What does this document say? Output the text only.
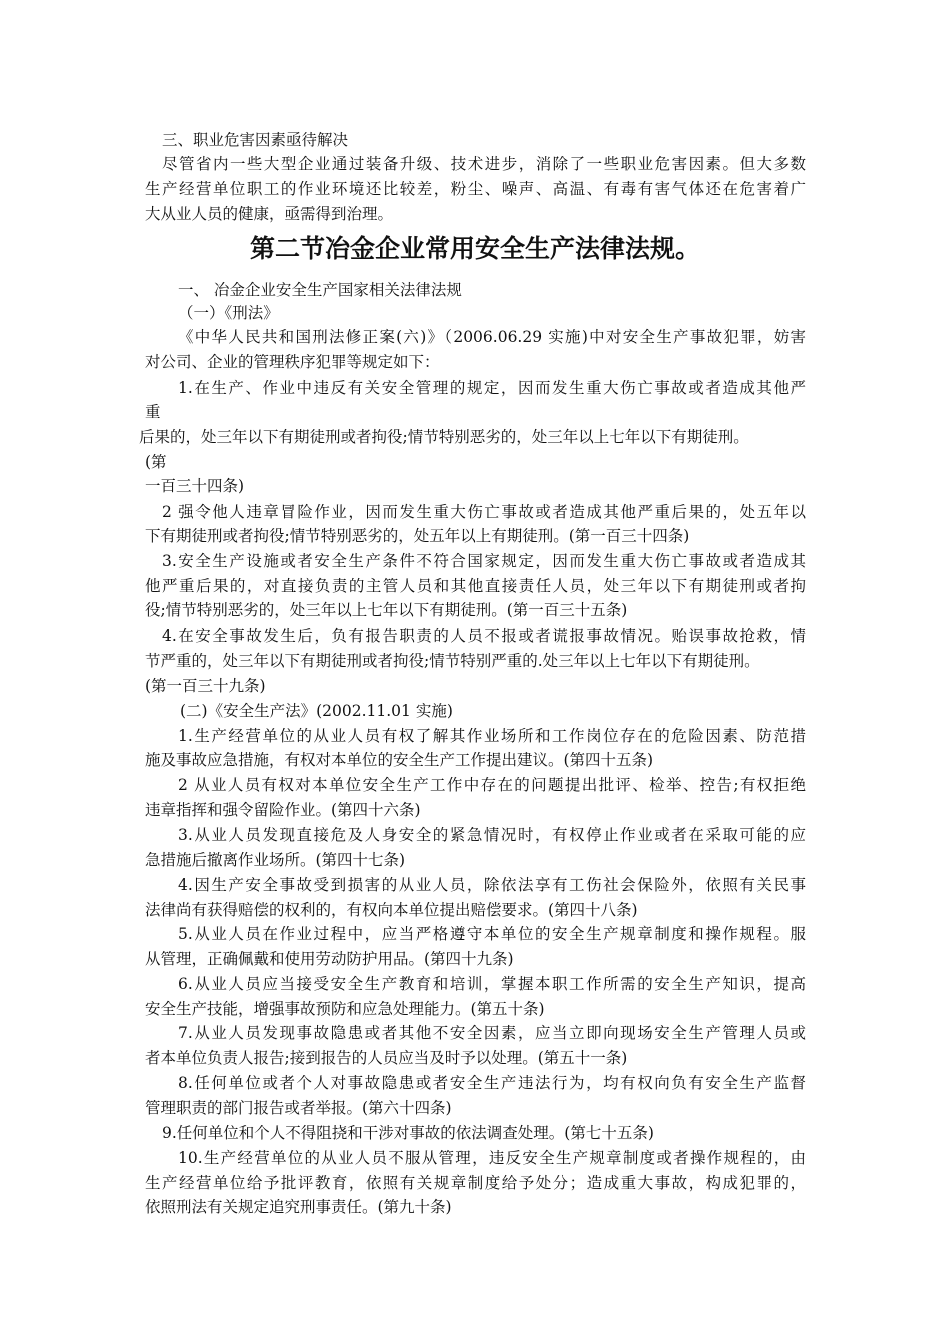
三、职业危害因素亟待解决
尽管省内一些大型企业通过装备升级、技术进步，消除了一些职业危害因素。但大多数
生产经营单位职工的作业环境还比较差，粉尘、噪声、高温、有毒有害气体还在危害着广
大从业人员的健康，亟需得到治理。
第二节冶金企业常用安全生产法律法规。
一、 冶金企业安全生产国家相关法律法规
（一）《刑法》
《中华人民共和国刑法修正案(六)》（2006.06.29 实施)中对安全生产事故犯罪，妨害
对公司、企业的管理秩序犯罪等规定如下：
1.在生产、作业中违反有关安全管理的规定，因而发生重大伤亡事故或者造成其他严
重
后果的，处三年以下有期徒刑或者拘役;情节特别恶劣的，处三年以上七年以下有期徒刑。
(第
一百三十四条)
2 强令他人违章冒险作业，因而发生重大伤亡事故或者造成其他严重后果的，处五年以
下有期徒刑或者拘役;情节特别恶劣的，处五年以上有期徒刑。(第一百三十四条)
3.安全生产设施或者安全生产条件不符合国家规定，因而发生重大伤亡事故或者造成其
他严重后果的，对直接负责的主管人员和其他直接责任人员，处三年以下有期徒刑或者拘
役;情节特别恶劣的，处三年以上七年以下有期徒刑。(第一百三十五条)
4.在安全事故发生后，负有报告职责的人员不报或者谎报事故情况。贻误事故抢救，情
节严重的，处三年以下有期徒刑或者拘役;情节特别严重的.处三年以上七年以下有期徒刑。
(第一百三十九条)
(二)《安全生产法》(2002.11.01 实施)
1.生产经营单位的从业人员有权了解其作业场所和工作岗位存在的危险因素、防范措
施及事故应急措施，有权对本单位的安全生产工作提出建议。(第四十五条)
2 从业人员有权对本单位安全生产工作中存在的问题提出批评、检举、控告;有权拒绝
违章指挥和强令留险作业。(第四十六条)
3.从业人员发现直接危及人身安全的紧急情况时，有权停止作业或者在采取可能的应
急措施后撤离作业场所。(第四十七条)
4.因生产安全事故受到损害的从业人员，除依法享有工伤社会保险外，依照有关民事
法律尚有获得赔偿的权利的，有权向本单位提出赔偿要求。(第四十八条)
5.从业人员在作业过程中，应当严格遵守本单位的安全生产规章制度和操作规程。服
从管理，正确佩戴和使用劳动防护用品。(第四十九条)
6.从业人员应当接受安全生产教育和培训，掌握本职工作所需的安全生产知识，提高
安全生产技能，增强事故预防和应急处理能力。(第五十条)
7.从业人员发现事故隐患或者其他不安全因素，应当立即向现场安全生产管理人员或
者本单位负责人报告;接到报告的人员应当及时予以处理。(第五十一条)
8.任何单位或者个人对事故隐患或者安全生产违法行为，均有权向负有安全生产监督
管理职责的部门报告或者举报。(第六十四条)
9.任何单位和个人不得阻挠和干涉对事故的依法调查处理。(第七十五条)
10.生产经营单位的从业人员不服从管理，违反安全生产规章制度或者操作规程的，由
生产经营单位给予批评教育，依照有关规章制度给予处分；造成重大事故，构成犯罪的，
依照刑法有关规定追究刑事责任。(第九十条)
